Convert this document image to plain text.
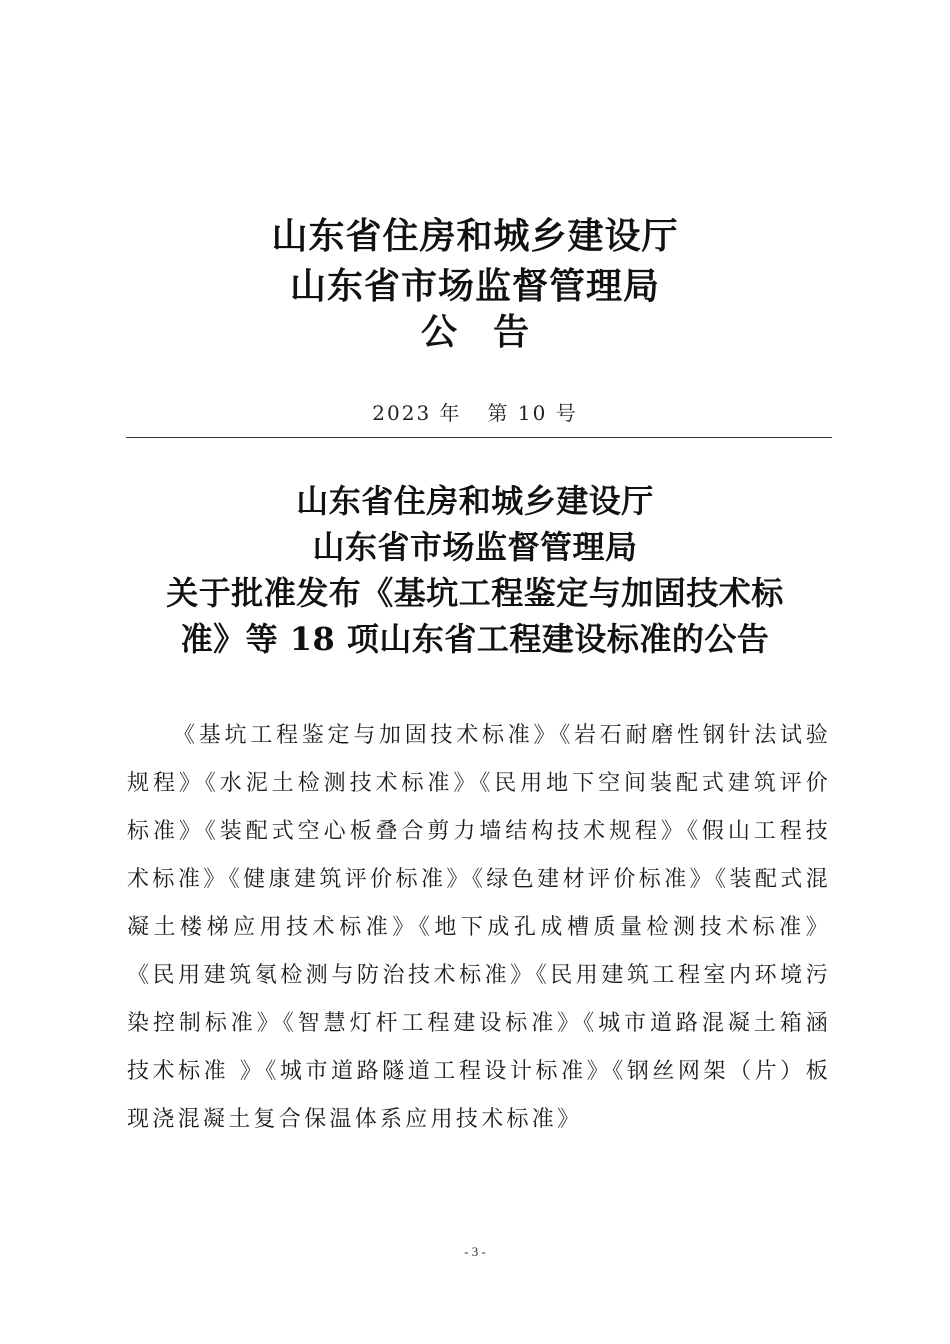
山东省住房和城乡建设厅
山东省市场监督管理局
公告
2023 年 第 10 号
山东省住房和城乡建设厅
山东省市场监督管理局
关于批准发布《基坑工程鉴定与加固技术标
准》等 18 项山东省工程建设标准的公告

《基坑工程鉴定与加固技术标准》《岩石耐磨性钢针法试验规程》《水泥土检测技术标准》《民用地下空间装配式建筑评价标准》《装配式空心板叠合剪力墙结构技术规程》《假山工程技术标准》《健康建筑评价标准》《绿色建材评价标准》《装配式混凝土楼梯应用技术标准》《地下成孔成槽质量检测技术标准》《民用建筑氡检测与防治技术标准》《民用建筑工程室内环境污染控制标准》《智慧灯杆工程建设标准》《城市道路混凝土箱涵技术标准 》《城市道路隧道工程设计标准》《钢丝网架（片）板现浇混凝土复合保温体系应用技术标准》

- 3 -
